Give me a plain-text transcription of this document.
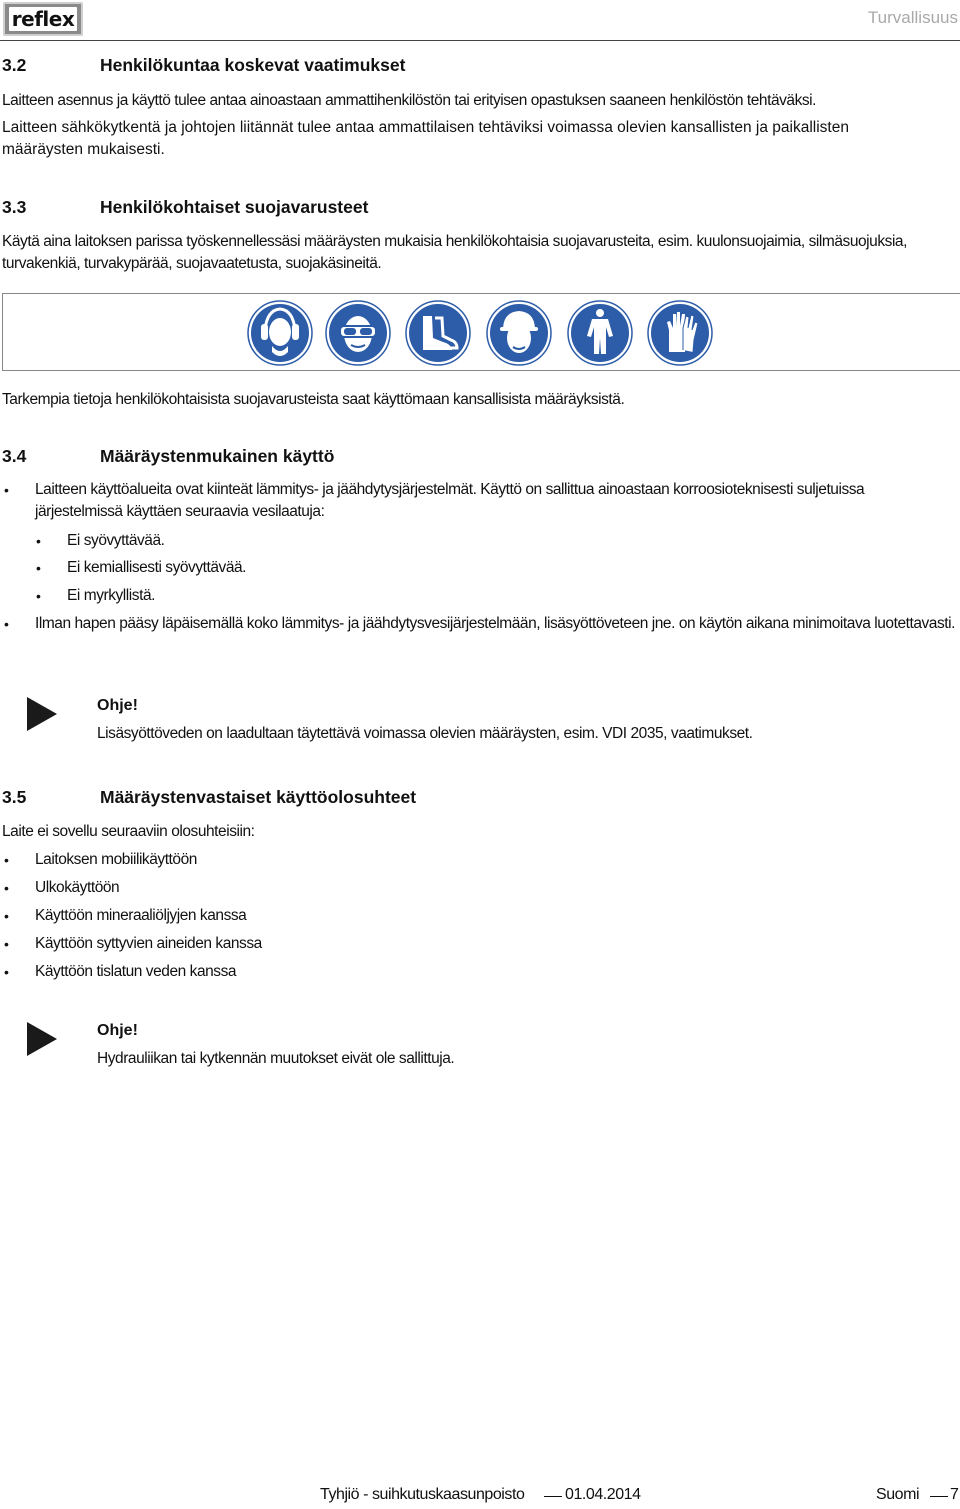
reflex	Turvallisuus
3.2	Henkilökuntaa koskevat vaatimukset
Laitteen asennus ja käyttö tulee antaa ainoastaan ammattihenkilöstön tai erityisen opastuksen saaneen henkilöstön tehtäväksi.
Laitteen sähkökytkentä ja johtojen liitännät tulee antaa ammattilaisen tehtäviksi voimassa olevien kansallisten ja paikallisten määräysten mukaisesti.
3.3	Henkilökohtaiset suojavarusteet
Käytä aina laitoksen parissa työskennellessäsi määräysten mukaisia henkilökohtaisia suojavarusteita, esim. kuulonsuojaimia, silmäsuojuksia, turvakenkiä, turvakypärää, suojavaatetusta, suojakäsineitä.
Tarkempia tietoja henkilökohtaisista suojavarusteista saat käyttömaan kansallisista määräyksistä.
3.4	Määräystenmukainen käyttö
• Laitteen käyttöalueita ovat kiinteät lämmitys- ja jäähdytysjärjestelmät. Käyttö on sallittua ainoastaan korroosioteknisesti suljetuissa järjestelmissä käyttäen seuraavia vesilaatuja:
• Ei syövyttävää.
• Ei kemiallisesti syövyttävää.
• Ei myrkyllistä.
• Ilman hapen pääsy läpäisemällä koko lämmitys- ja jäähdytysvesijärjestelmään, lisäsyöttöveteen jne. on käytön aikana minimoitava luotettavasti.
Ohje!
Lisäsyöttöveden on laadultaan täytettävä voimassa olevien määräysten, esim. VDI 2035, vaatimukset.
3.5	Määräystenvastaiset käyttöolosuhteet
Laite ei sovellu seuraaviin olosuhteisiin:
• Laitoksen mobiilikäyttöön
• Ulkokäyttöön
• Käyttöön mineraaliöljyjen kanssa
• Käyttöön syttyvien aineiden kanssa
• Käyttöön tislatun veden kanssa
Ohje!
Hydrauliikan tai kytkennän muutokset eivät ole sallittuja.
Tyhjiö - suihkutuskaasunpoisto	01.04.2014	Suomi 7
